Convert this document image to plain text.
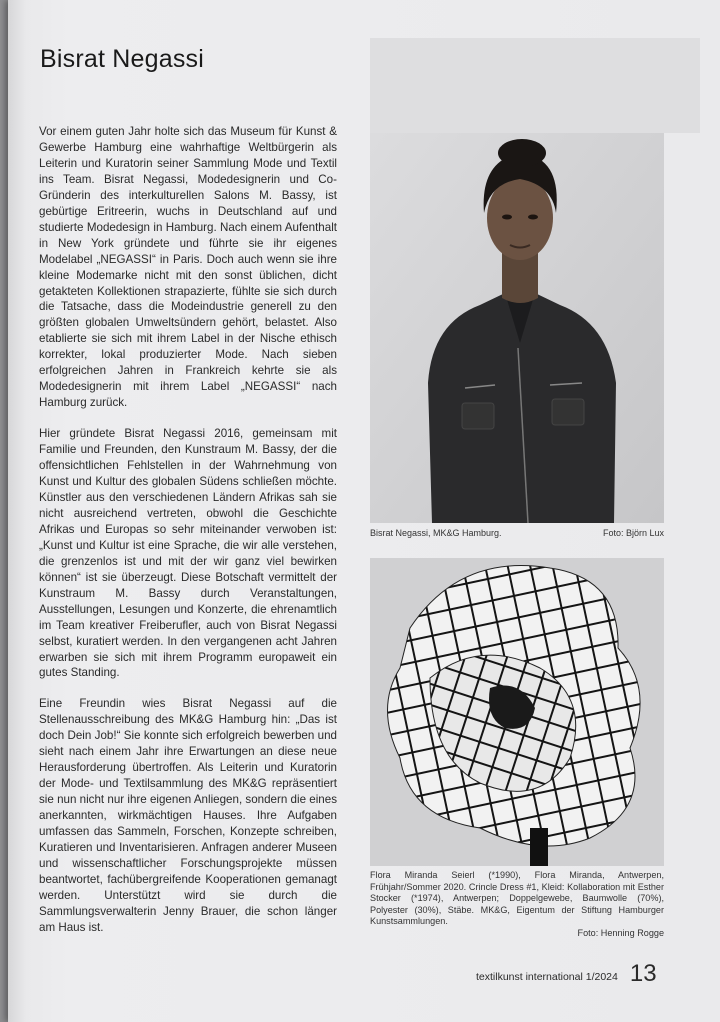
Bisrat Negassi

Vor einem guten Jahr holte sich das Museum für Kunst & Gewerbe Hamburg eine wahrhaftige Weltbürgerin als Leiterin und Kuratorin seiner Sammlung Mode und Textil ins Team. Bisrat Negassi, Modedesignerin und Co-Gründerin des interkulturellen Salons M. Bassy, ist gebürtige Eritreerin, wuchs in Deutschland auf und studierte Modedesign in Hamburg. Nach einem Aufenthalt in New York gründete und führte sie ihr eigenes Modelabel „NEGASSI“ in Paris. Doch auch wenn sie ihre kleine Modemarke nicht mit den sonst üblichen, dicht getakteten Kollektionen strapazierte, fühlte sie sich durch die Tatsache, dass die Modeindustrie generell zu den größten globalen Umweltsündern gehört, belastet. Also etablierte sie sich mit ihrem Label in der Nische ethisch korrekter, lokal produzierter Mode. Nach sieben erfolgreichen Jahren in Frankreich kehrte sie als Modedesignerin mit ihrem Label „NEGASSI“ nach Hamburg zurück.

Hier gründete Bisrat Negassi 2016, gemeinsam mit Familie und Freunden, den Kunstraum M. Bassy, der die offensichtlichen Fehlstellen in der Wahrnehmung von Kunst und Kultur des globalen Südens schließen möchte. Künstler aus den verschiedenen Ländern Afrikas sah sie nicht ausreichend vertreten, obwohl die Geschichte Afrikas und Europas so sehr miteinander verwoben ist: „Kunst und Kultur ist eine Sprache, die wir alle verstehen, die grenzenlos ist und mit der wir ganz viel bewirken können“ ist sie überzeugt. Diese Botschaft vermittelt der Kunstraum M. Bassy durch Veranstaltungen, Ausstellungen, Lesungen und Konzerte, die ehrenamtlich im Team kreativer Freiberufler, auch von Bisrat Negassi selbst, kuratiert werden. In den vergangenen acht Jahren erwarben sie sich mit ihrem Programm europaweit ein gutes Standing.

Eine Freundin wies Bisrat Negassi auf die Stellenausschreibung des MK&G Hamburg hin: „Das ist doch Dein Job!“ Sie konnte sich erfolgreich bewerben und sieht nach einem Jahr ihre Erwartungen an diese neue Herausforderung übertroffen. Als Leiterin und Kuratorin der Mode- und Textilsammlung des MK&G repräsentiert sie nun nicht nur ihre eigenen Anliegen, sondern die eines anerkannten, wirkmächtigen Hauses. Ihre Aufgaben umfassen das Sammeln, Forschen, Konzepte schreiben, Kuratieren und Inventarisieren. Anfragen anderer Museen und wissenschaftlicher Forschungsprojekte müssen beantwortet, fachübergreifende Kooperationen gemanagt werden. Unterstützt wird sie durch die Sammlungsverwalterin Jenny Brauer, die schon länger am Haus ist.

Bisrat Negassi, MK&G Hamburg.	Foto: Björn Lux
Flora Miranda Seierl (*1990), Flora Miranda, Antwerpen, Frühjahr/Sommer 2020. Crincle Dress #1, Kleid: Kollaboration mit Esther Stocker (*1974), Antwerpen; Doppelgewebe, Baumwolle (70%), Polyester (30%), Stäbe. MK&G, Eigentum der Stiftung Hamburger Kunstsammlungen.
Foto: Henning Rogge
textilkunst international 1/2024 13
